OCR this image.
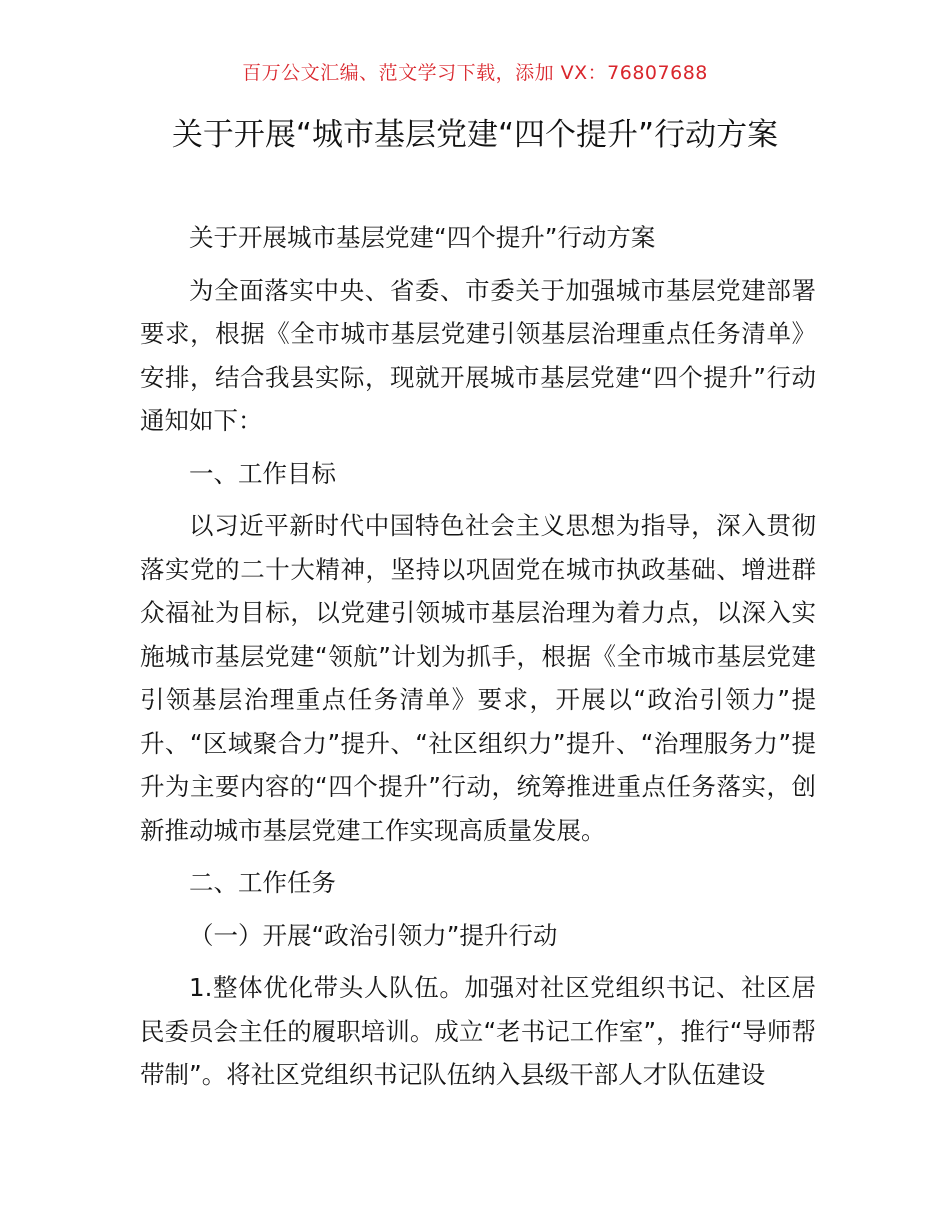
百万公文汇编、范文学习下载，添加 VX：76807688
关于开展“城市基层党建“四个提升”行动方案

关于开展城市基层党建“四个提升”行动方案

为全面落实中央、省委、市委关于加强城市基层党建部署要求，根据《全市城市基层党建引领基层治理重点任务清单》安排，结合我县实际，现就开展城市基层党建“四个提升”行动通知如下：

一、工作目标

以习近平新时代中国特色社会主义思想为指导，深入贯彻落实党的二十大精神，坚持以巩固党在城市执政基础、增进群众福祉为目标，以党建引领城市基层治理为着力点，以深入实施城市基层党建“领航”计划为抓手，根据《全市城市基层党建引领基层治理重点任务清单》要求，开展以“政治引领力”提升、“区域聚合力”提升、“社区组织力”提升、“治理服务力”提升为主要内容的“四个提升”行动，统筹推进重点任务落实，创新推动城市基层党建工作实现高质量发展。

二、工作任务

（一）开展“政治引领力”提升行动

1.整体优化带头人队伍。加强对社区党组织书记、社区居民委员会主任的履职培训。成立“老书记工作室”，推行“导师帮带制”。将社区党组织书记队伍纳入县级干部人才队伍建设
